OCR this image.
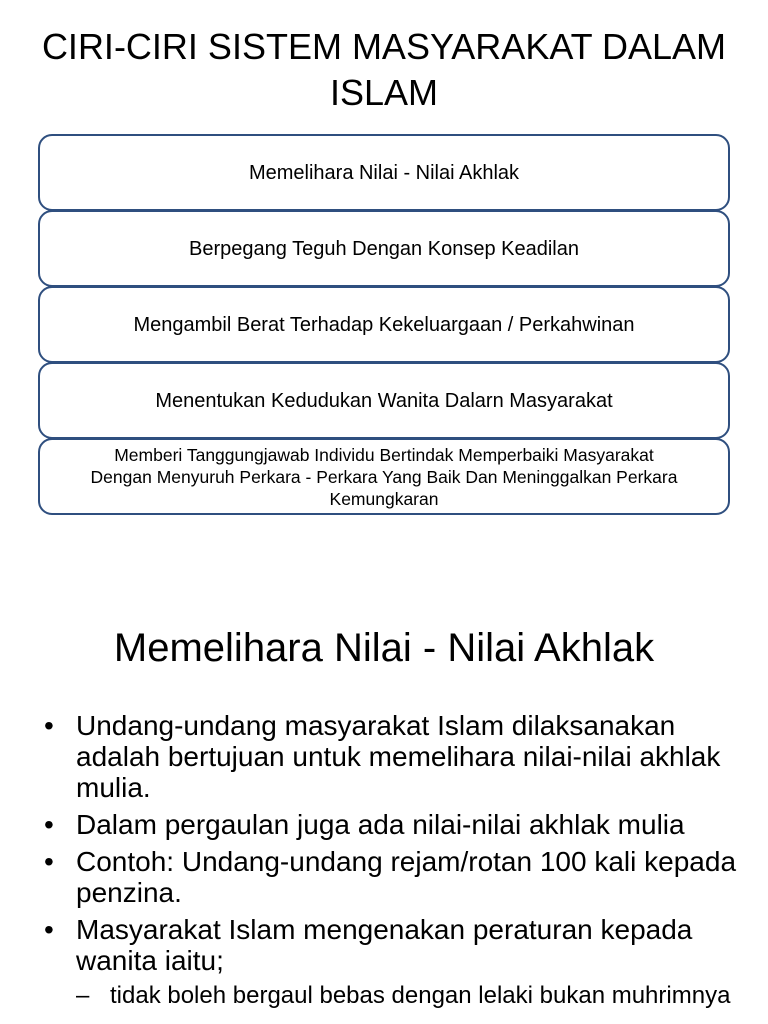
CIRI-CIRI SISTEM MASYARAKAT DALAM
ISLAM
Memelihara Nilai - Nilai Akhlak
Berpegang Teguh Dengan Konsep Keadilan
Mengambil Berat Terhadap Kekeluargaan / Perkahwinan
Menentukan Kedudukan Wanita Dalarn Masyarakat
Memberi Tanggungjawab Individu Bertindak Memperbaiki Masyarakat
Dengan Menyuruh Perkara - Perkara Yang Baik Dan Meninggalkan Perkara
Kemungkaran
Memelihara Nilai - Nilai Akhlak
• Undang-undang masyarakat Islam dilaksanakan adalah bertujuan untuk memelihara nilai-nilai akhlak mulia.
• Dalam pergaulan juga ada nilai-nilai akhlak mulia
• Contoh: Undang-undang rejam/rotan 100 kali kepada penzina.
• Masyarakat Islam mengenakan peraturan kepada wanita iaitu;
– tidak boleh bergaul bebas dengan lelaki bukan muhrimnya
